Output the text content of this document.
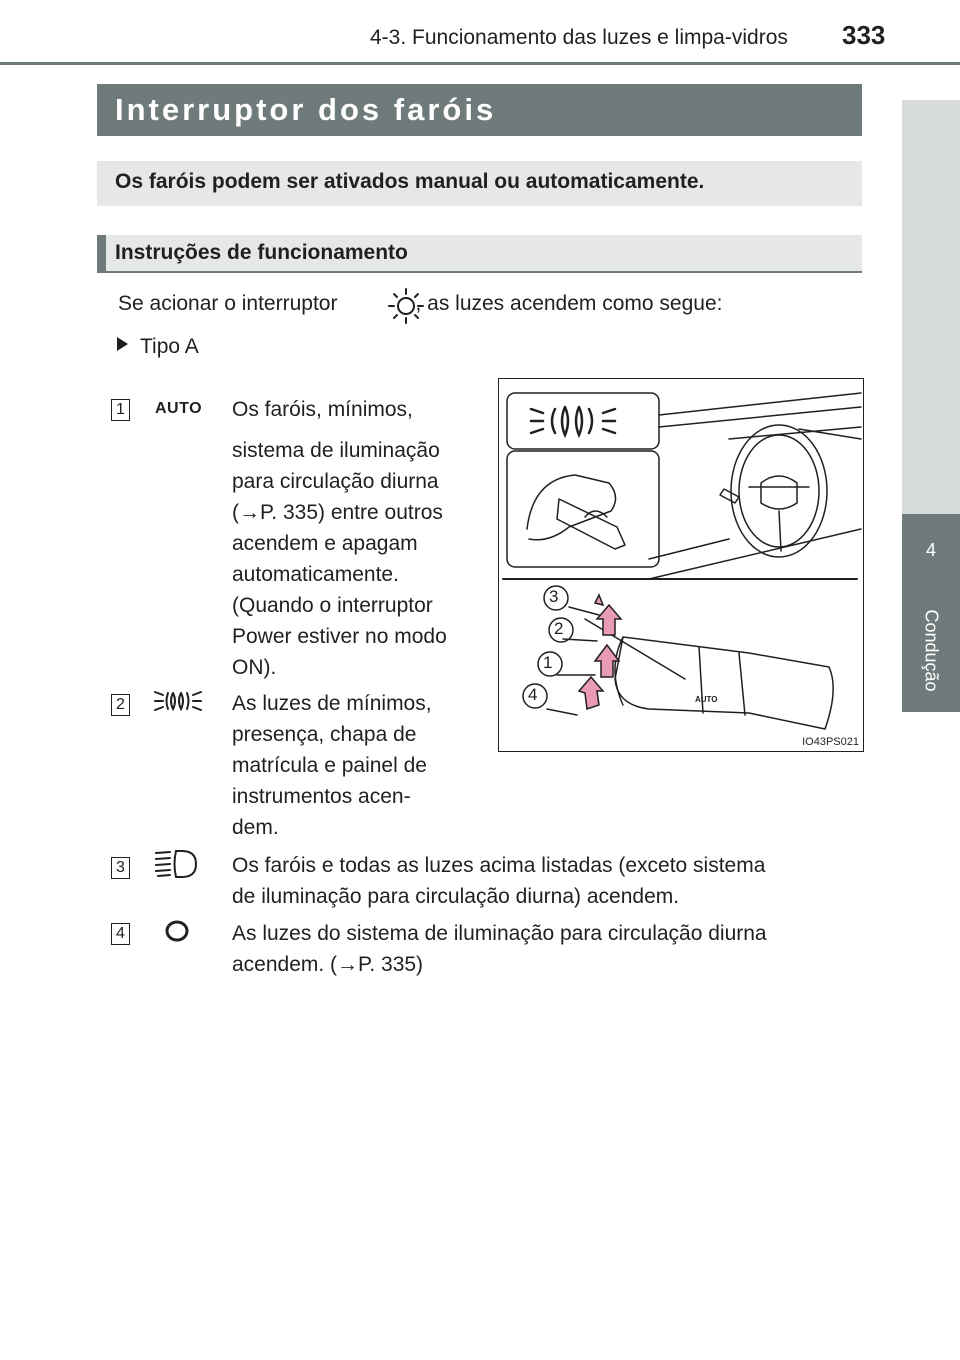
4-3. Funcionamento das luzes e limpa-vidros 333
4
Condução
Interruptor dos faróis
Os faróis podem ser ativados manual ou automaticamente.
Instruções de funcionamento
Se acionar o interruptor	, as luzes acendem como segue:
Tipo A
1	AUTO Os faróis, mínimos,
sistema de iluminação
para circulação diurna
(→P. 335) entre outros
acendem e apagam
automaticamente.
(Quando o interruptor
Power estiver no modo
ON).
2	As luzes de mínimos,
presença, chapa de
matrícula e painel de
instrumentos acen-
dem.
3	Os faróis e todas as luzes acima listadas (exceto sistema
de iluminação para circulação diurna) acendem.
4	As luzes do sistema de iluminação para circulação diurna
acendem. (→P. 335)
3
2
1
4	AUTO
IO43PS021
